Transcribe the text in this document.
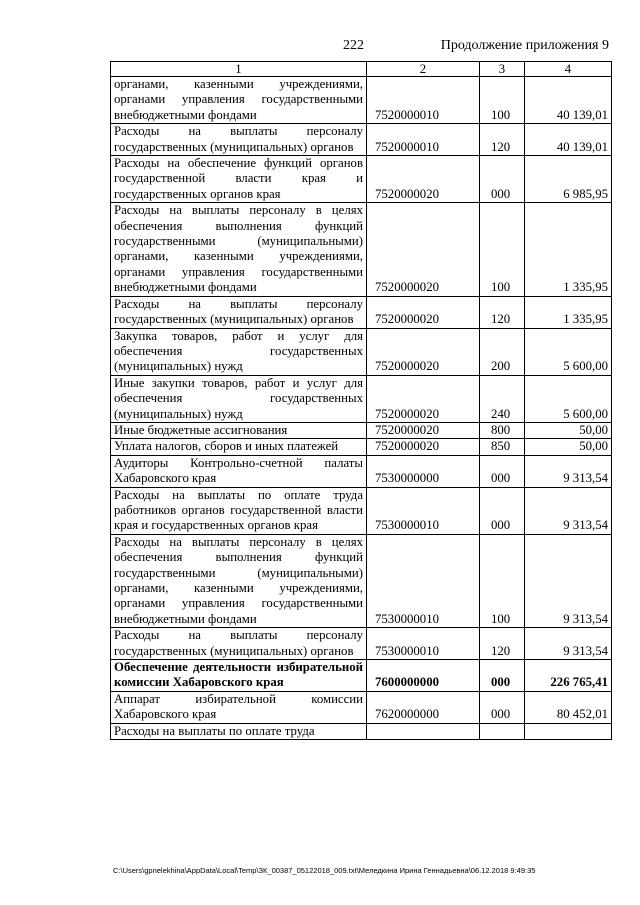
222	Продолжение приложения 9
1	2	3	4
органами, казенными учреждениями, органами управления государственными внебюджетными фондами	7520000010	100	40 139,01
Расходы на выплаты персоналу государственных (муниципальных) органов	7520000010	120	40 139,01
Расходы на обеспечение функций органов государственной власти края и государственных органов края	7520000020	000	6 985,95
Расходы на выплаты персоналу в целях обеспечения выполнения функций государственными (муниципальными) органами, казенными учреждениями, органами управления государственными внебюджетными фондами	7520000020	100	1 335,95
Расходы на выплаты персоналу государственных (муниципальных) органов	7520000020	120	1 335,95
Закупка товаров, работ и услуг для обеспечения государственных (муниципальных) нужд	7520000020	200	5 600,00
Иные закупки товаров, работ и услуг для обеспечения государственных (муниципальных) нужд	7520000020	240	5 600,00
Иные бюджетные ассигнования	7520000020	800	50,00
Уплата налогов, сборов и иных платежей	7520000020	850	50,00
Аудиторы Контрольно-счетной палаты Хабаровского края	7530000000	000	9 313,54
Расходы на выплаты по оплате труда работников органов государственной власти края и государственных органов края	7530000010	000	9 313,54
Расходы на выплаты персоналу в целях обеспечения выполнения функций государственными (муниципальными) органами, казенными учреждениями, органами управления государственными внебюджетными фондами	7530000010	100	9 313,54
Расходы на выплаты персоналу государственных (муниципальных) органов	7530000010	120	9 313,54
Обеспечение деятельности избирательной комиссии Хабаровского края	7600000000	000	226 765,41
Аппарат избирательной комиссии Хабаровского края	7620000000	000	80 452,01
Расходы на выплаты по оплате труда			
C:\Users\gpnelekhina\AppData\Local\Temp\ЗК_00387_05122018_009.txt\Меледкина Ирина Геннадьевна\06.12.2018 9:49:35
